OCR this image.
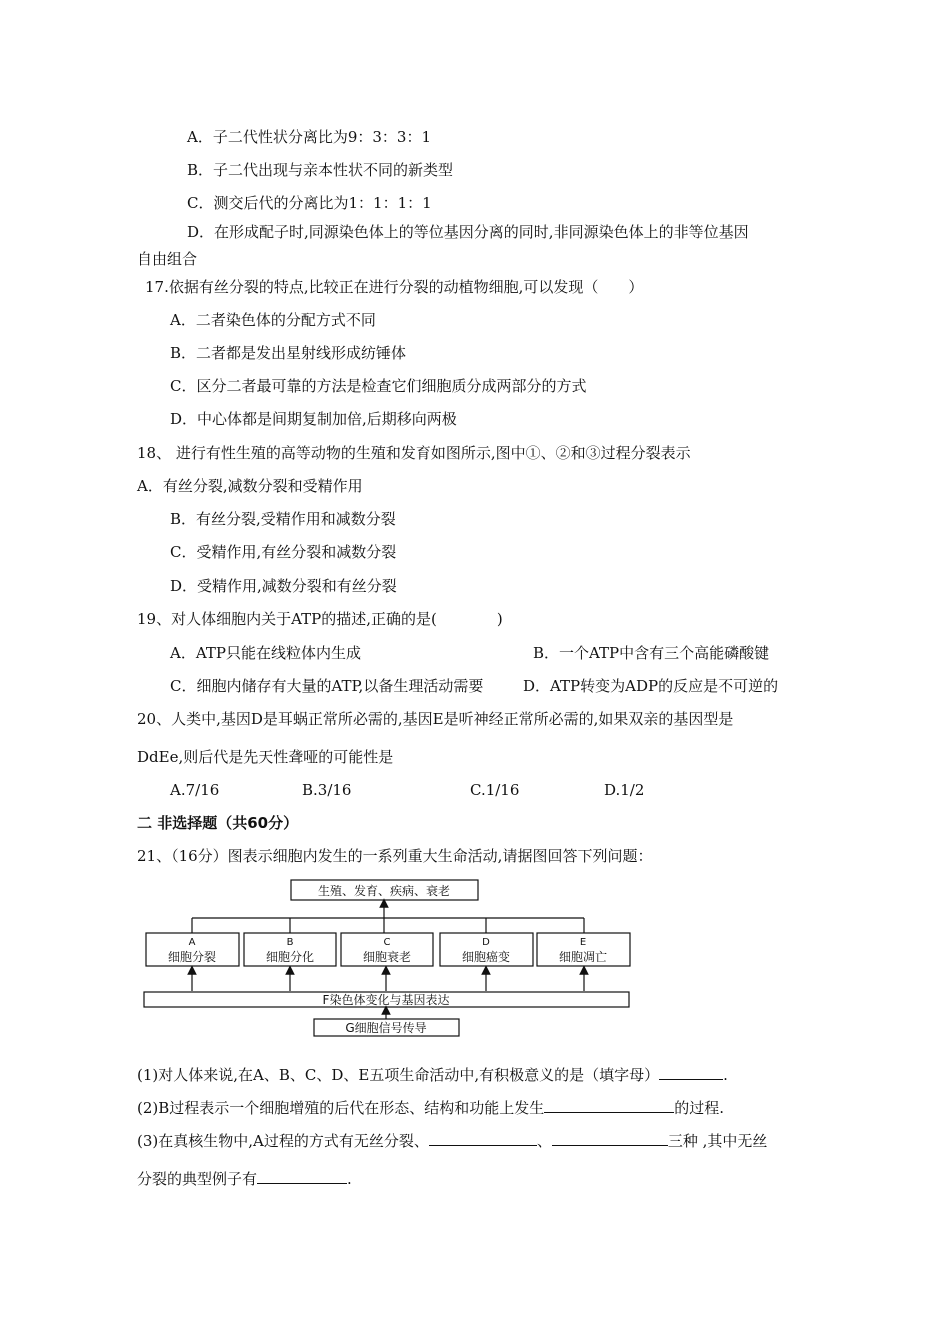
A．子二代性状分离比为9：3：3：1
B．子二代出现与亲本性状不同的新类型
C．测交后代的分离比为1：1：1：1
D．在形成配子时,同源染色体上的等位基因分离的同时,非同源染色体上的非等位基因
自由组合
17.依据有丝分裂的特点,比较正在进行分裂的动植物细胞,可以发现（　　）
A．二者染色体的分配方式不同
B．二者都是发出星射线形成纺锤体
C．区分二者最可靠的方法是检查它们细胞质分成两部分的方式
D．中心体都是间期复制加倍,后期移向两极
18、 进行有性生殖的高等动物的生殖和发育如图所示,图中①、②和③过程分裂表示
A．有丝分裂,减数分裂和受精作用
B．有丝分裂,受精作用和减数分裂
C．受精作用,有丝分裂和减数分裂
D．受精作用,减数分裂和有丝分裂
19、对人体细胞内关于ATP的描述,正确的是(　　　　)
A．ATP只能在线粒体内生成	B．一个ATP中含有三个高能磷酸键
C．细胞内储存有大量的ATP,以备生理活动需要	D．ATP转变为ADP的反应是不可逆的
20、人类中,基因D是耳蜗正常所必需的,基因E是听神经正常所必需的,如果双亲的基因型是
DdEe,则后代是先天性聋哑的可能性是
A.7/16	B.3/16	C.1/16	D.1/2
二 非选择题（共60分）
21、（16分）图表示细胞内发生的一系列重大生命活动,请据图回答下列问题：
生殖、发育、疾病、衰老
A
细胞分裂
B
细胞分化
C
细胞衰老
D
细胞癌变
E
细胞凋亡
F染色体变化与基因表达
G细胞信号传导
(1)对人体来说,在A、B、C、D、E五项生命活动中,有积极意义的是（填字母）	.
(2)B过程表示一个细胞增殖的后代在形态、结构和功能上发生	的过程.
(3)在真核生物中,A过程的方式有无丝分裂、	、	三种 ,其中无丝
分裂的典型例子有	.
